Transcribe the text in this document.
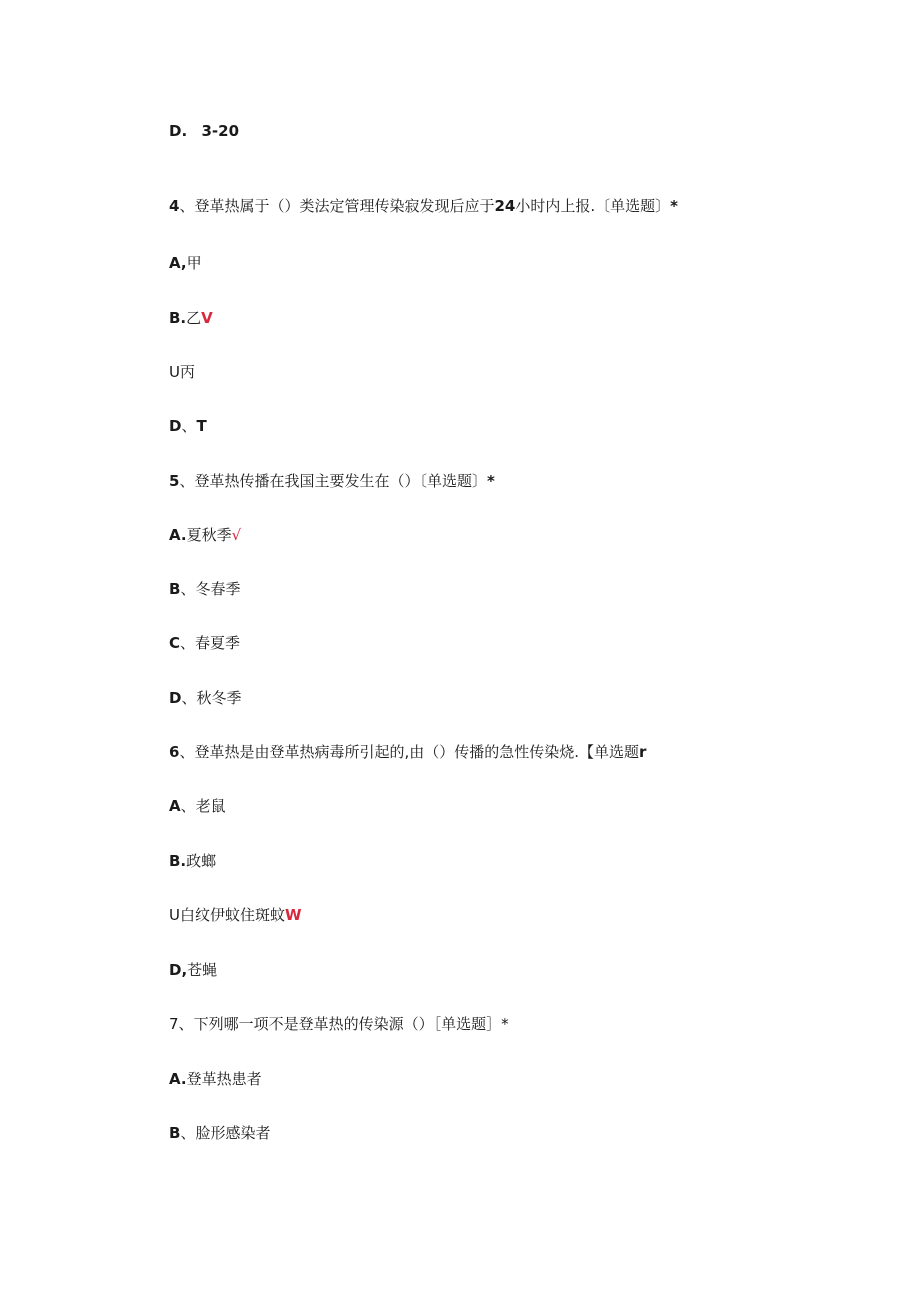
D. 3-20
4、登革热属于（）类法定管理传染寂发现后应于24小时内上报.〔单选题〕*
A,甲
B.乙V
U丙
D、T
5、登革热传播在我国主要发生在（）〔单选题〕*
A.夏秋季√
B、冬春季
C、春夏季
D、秋冬季
6、登革热是由登革热病毒所引起的,由（）传播的急性传染烧.【单选题r
A、老鼠
B.政螂
U白纹伊蚊住斑蚊W
D,苍蝇
7、下列哪一项不是登革热的传染源（）［单选题］*
A.登革热患者
B、脸形感染者
